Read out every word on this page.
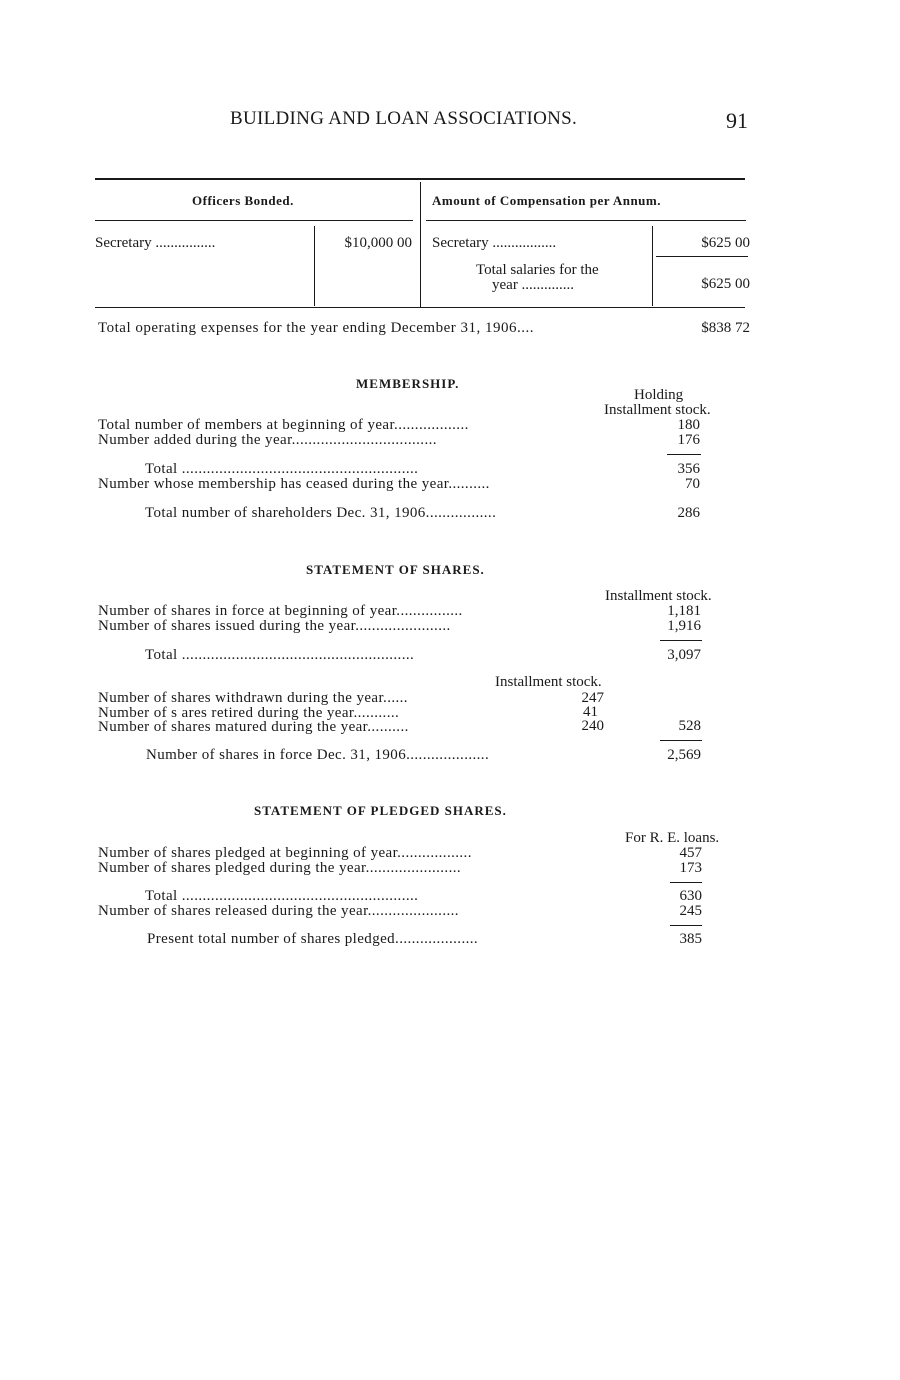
BUILDING AND LOAN ASSOCIATIONS.	91
Officers Bonded.	Amount of Compensation per Annum.
Secretary ................	$10,000 00 Secretary .................	$625 00
Total salaries for the
year ..............	$625 00
Total operating expenses for the year ending December 31, 1906....	$838 72
MEMBERSHIP.
Holding
Installment stock.
Total number of members at beginning of year..................	180
Number added during the year...................................	176
Total .........................................................	356
Number whose membership has ceased during the year..........	70
Total number of shareholders Dec. 31, 1906.................	286
STATEMENT OF SHARES.
Installment stock.
Number of shares in force at beginning of year................	1,181
Number of shares issued during the year.......................	1,916
Total ........................................................	3,097
Installment stock.
Number of shares withdrawn during the year......	247
Number of s ares retired during the year...........	41
Number of shares matured during the year..........	240	528
Number of shares in force Dec. 31, 1906....................	2,569
STATEMENT OF PLEDGED SHARES.
For R. E. loans.
Number of shares pledged at beginning of year..................	457
Number of shares pledged during the year.......................	173
Total .........................................................	630
Number of shares released during the year......................	245
Present total number of shares pledged....................	385
